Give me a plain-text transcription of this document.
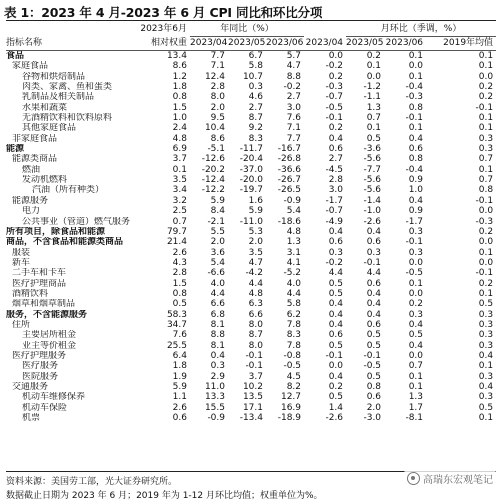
表 1：2023 年 4 月-2023 年 6 月 CPI 同比和环比分项
	2023年6月	年同比（%）				月环比（季调，%）		
指标名称	相对权重	2023/04	2023/05	2023/06	2023/04	2023/05	2023/06	2019年均值
食品	13.4	7.7	6.7	5.7	0.0	0.2	0.1	0.1
家庭食品	8.6	7.1	5.8	4.7	-0.2	0.1	0.0	0.1
谷物和烘焙制品	1.2	12.4	10.7	8.8	0.2	0.0	0.1	0.0
肉类、家禽、鱼和蛋类	1.8	2.8	0.3	-0.2	-0.3	-1.2	-0.4	0.2
乳制品及相关制品	0.8	8.0	4.6	2.7	-0.7	-1.1	-0.3	0.2
水果和蔬菜	1.5	2.0	2.7	3.0	-0.5	1.3	0.8	-0.1
无酒精饮料和饮料原料	1.0	9.5	8.7	7.6	-0.1	0.7	-0.1	0.1
其他家庭食品	2.4	10.4	9.2	7.1	0.2	0.1	0.1	0.1
非家庭食品	4.8	8.6	8.3	7.7	0.4	0.5	0.4	0.3
能源	6.9	-5.1	-11.7	-16.7	0.6	-3.6	0.6	0.3
能源类商品	3.7	-12.6	-20.4	-26.8	2.7	-5.6	0.8	0.7
燃油	0.1	-20.2	-37.0	-36.6	-4.5	-7.7	-0.4	0.1
发动机燃料	3.5	-12.4	-20.0	-26.7	2.8	-5.6	0.9	0.7
汽油（所有种类）	3.4	-12.2	-19.7	-26.5	3.0	-5.6	1.0	0.8
能源服务	3.2	5.9	1.6	-0.9	-1.7	-1.4	0.4	-0.1
电力	2.5	8.4	5.9	5.4	-0.7	-1.0	0.9	0.0
公共事业（管道）燃气服务	0.7	-2.1	-11.0	-18.6	-4.9	-2.6	-1.7	-0.3
所有项目，除食品和能源	79.7	5.5	5.3	4.8	0.4	0.4	0.3	0.2
商品，不含食品和能源类商品	21.4	2.0	2.0	1.3	0.6	0.6	-0.1	0.0
服装	2.6	3.6	3.5	3.1	0.3	0.3	0.3	0.1
新车	4.3	5.4	4.7	4.1	-0.2	-0.1	0.0	0.0
二手车和卡车	2.8	-6.6	-4.2	-5.2	4.4	4.4	-0.5	-0.1
医疗护理商品	1.5	4.0	4.4	4.0	0.5	0.6	0.1	0.2
酒精饮料	0.8	4.4	4.8	4.4	0.5	0.4	0.0	0.1
烟草和烟草制品	0.5	6.6	6.3	5.8	0.4	0.4	0.2	0.5
服务，不含能源服务	58.3	6.8	6.6	6.2	0.4	0.4	0.3	0.3
住所	34.7	8.1	8.0	7.8	0.4	0.6	0.4	0.3
主要居所租金	7.6	8.8	8.7	8.3	0.6	0.5	0.5	0.3
业主等价租金	25.5	8.1	8.0	7.8	0.5	0.5	0.4	0.3
医疗护理服务	6.4	0.4	-0.1	-0.8	-0.1	-0.1	0.0	0.4
医疗服务	1.8	0.3	-0.1	-0.5	0.0	-0.5	0.7	0.1
医院服务	1.9	2.9	3.7	4.5	0.4	0.5	0.1	0.3
交通服务	5.9	11.0	10.2	8.2	0.2	0.8	0.1	0.4
机动车维修保养	1.1	13.3	13.5	12.7	0.5	0.6	1.3	0.3
机动车保险	2.6	15.5	17.1	16.9	1.4	2.0	1.7	0.5
机票	0.6	-0.9	-13.4	-18.9	-2.6	-3.0	-8.1	0.1
资料来源：美国劳工部，光大证券研究所。
数据截止日期为 2023 年 6 月；2019 年为 1-12 月环比均值；权重单位为%。
高瑞东宏观笔记
